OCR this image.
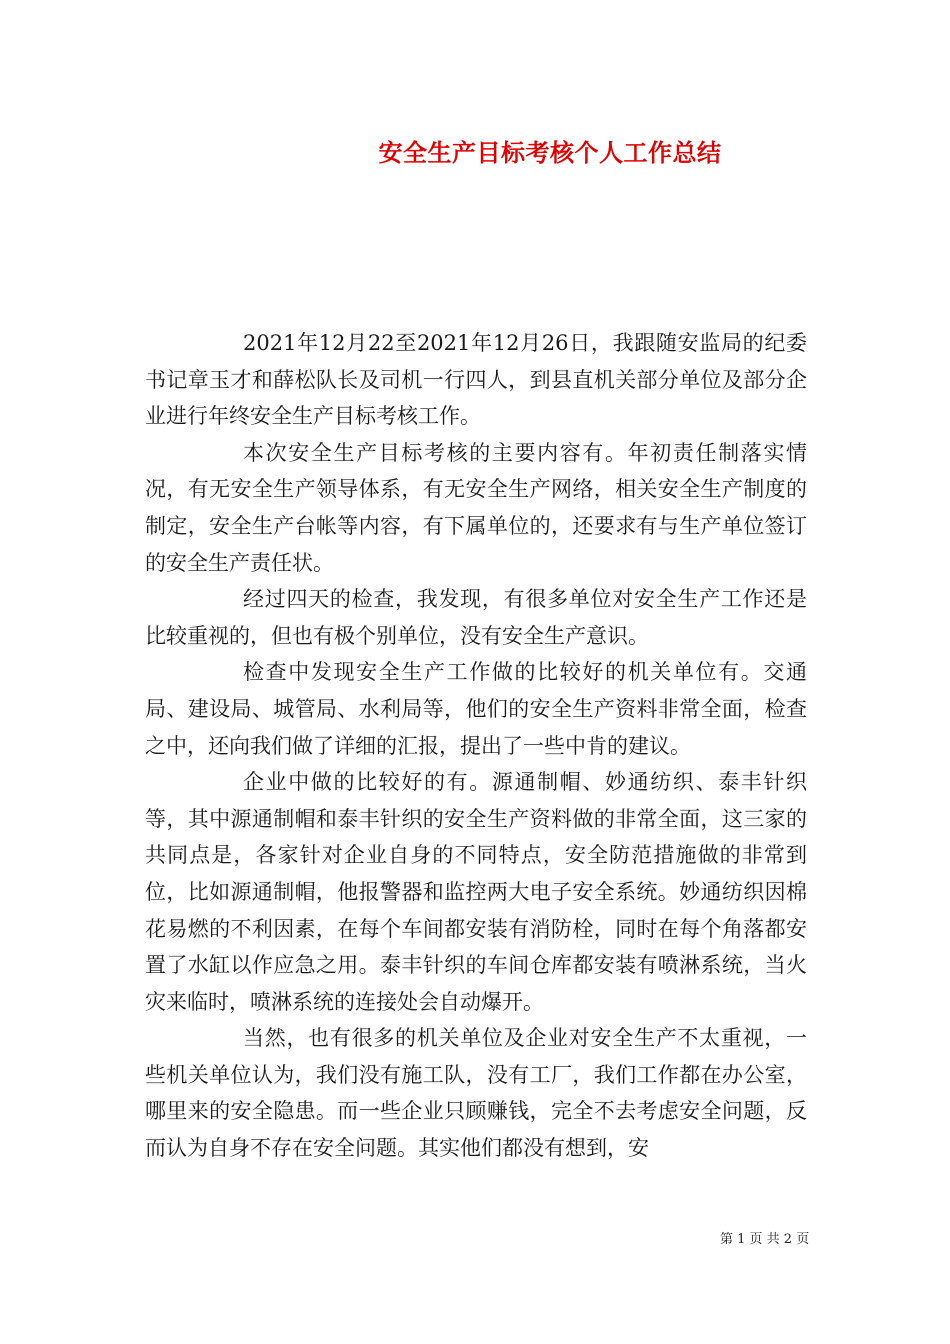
安全生产目标考核个人工作总结

2021年12月22至2021年12月26日，我跟随安监局的纪委书记章玉才和薛松队长及司机一行四人，到县直机关部分单位及部分企业进行年终安全生产目标考核工作。

本次安全生产目标考核的主要内容有。年初责任制落实情况，有无安全生产领导体系，有无安全生产网络，相关安全生产制度的制定，安全生产台帐等内容，有下属单位的，还要求有与生产单位签订的安全生产责任状。

经过四天的检查，我发现，有很多单位对安全生产工作还是比较重视的，但也有极个别单位，没有安全生产意识。

检查中发现安全生产工作做的比较好的机关单位有。交通局、建设局、城管局、水利局等，他们的安全生产资料非常全面，检查之中，还向我们做了详细的汇报，提出了一些中肯的建议。

企业中做的比较好的有。源通制帽、妙通纺织、泰丰针织等，其中源通制帽和泰丰针织的安全生产资料做的非常全面，这三家的共同点是，各家针对企业自身的不同特点，安全防范措施做的非常到位，比如源通制帽，他报警器和监控两大电子安全系统。妙通纺织因棉花易燃的不利因素，在每个车间都安装有消防栓，同时在每个角落都安置了水缸以作应急之用。泰丰针织的车间仓库都安装有喷淋系统，当火灾来临时，喷淋系统的连接处会自动爆开。

当然，也有很多的机关单位及企业对安全生产不太重视，一些机关单位认为，我们没有施工队，没有工厂，我们工作都在办公室，哪里来的安全隐患。而一些企业只顾赚钱，完全不去考虑安全问题，反而认为自身不存在安全问题。其实他们都没有想到，安

第 1 页 共 2 页
